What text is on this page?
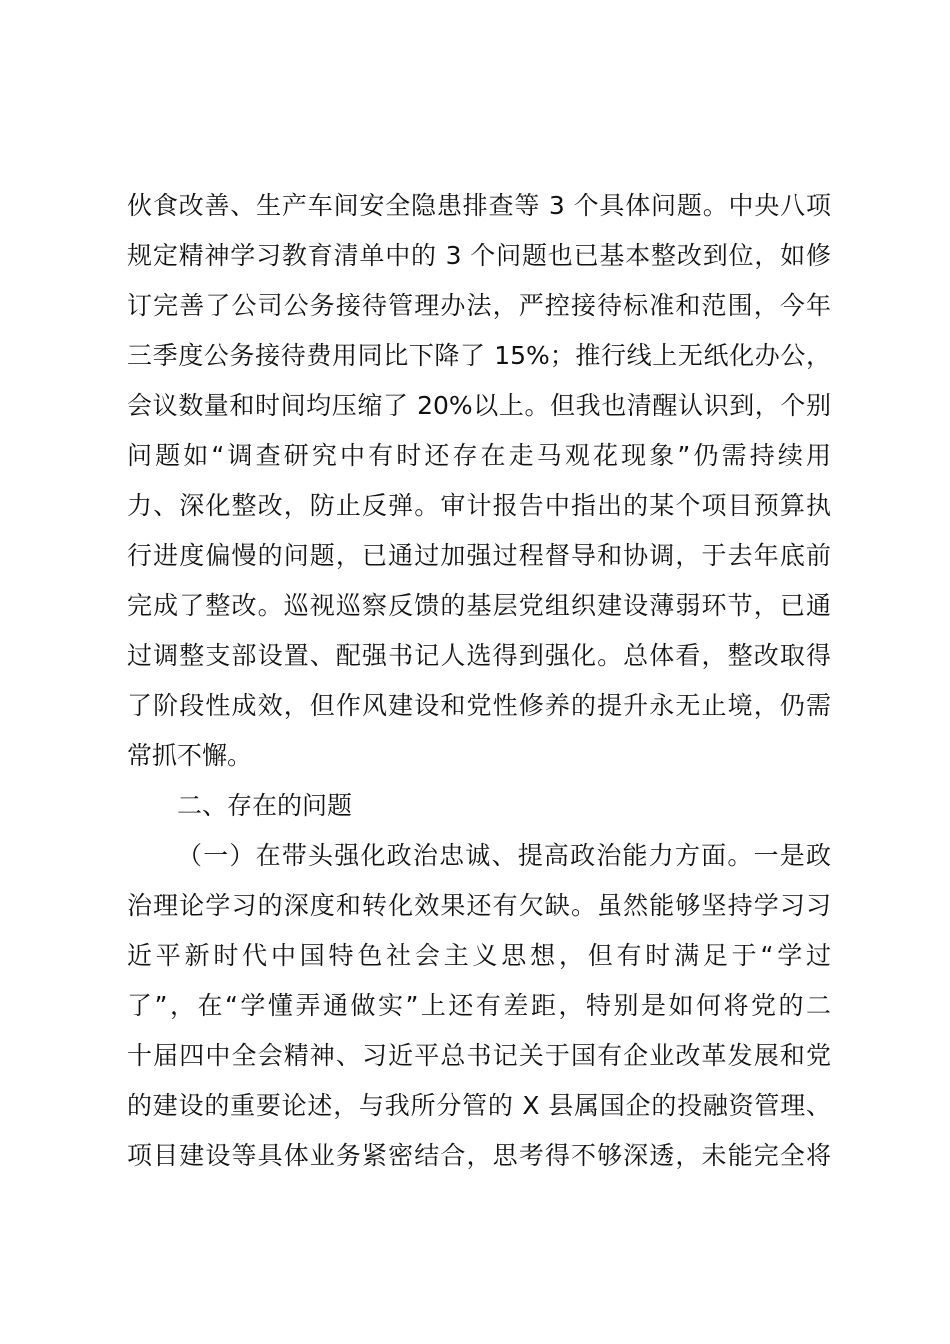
伙食改善、生产车间安全隐患排查等 3 个具体问题。中央八项
规定精神学习教育清单中的 3 个问题也已基本整改到位，如修
订完善了公司公务接待管理办法，严控接待标准和范围，今年
三季度公务接待费用同比下降了 15%；推行线上无纸化办公，
会议数量和时间均压缩了 20%以上。但我也清醒认识到，个别
问题如“调查研究中有时还存在走马观花现象”仍需持续用
力、深化整改，防止反弹。审计报告中指出的某个项目预算执
行进度偏慢的问题，已通过加强过程督导和协调，于去年底前
完成了整改。巡视巡察反馈的基层党组织建设薄弱环节，已通
过调整支部设置、配强书记人选得到强化。总体看，整改取得
了阶段性成效，但作风建设和党性修养的提升永无止境，仍需
常抓不懈。
二、存在的问题
（一）在带头强化政治忠诚、提高政治能力方面。一是政
治理论学习的深度和转化效果还有欠缺。虽然能够坚持学习习
近平新时代中国特色社会主义思想，但有时满足于“学过
了”，在“学懂弄通做实”上还有差距，特别是如何将党的二
十届四中全会精神、习近平总书记关于国有企业改革发展和党
的建设的重要论述，与我所分管的 X 县属国企的投融资管理、
项目建设等具体业务紧密结合，思考得不够深透，未能完全将
